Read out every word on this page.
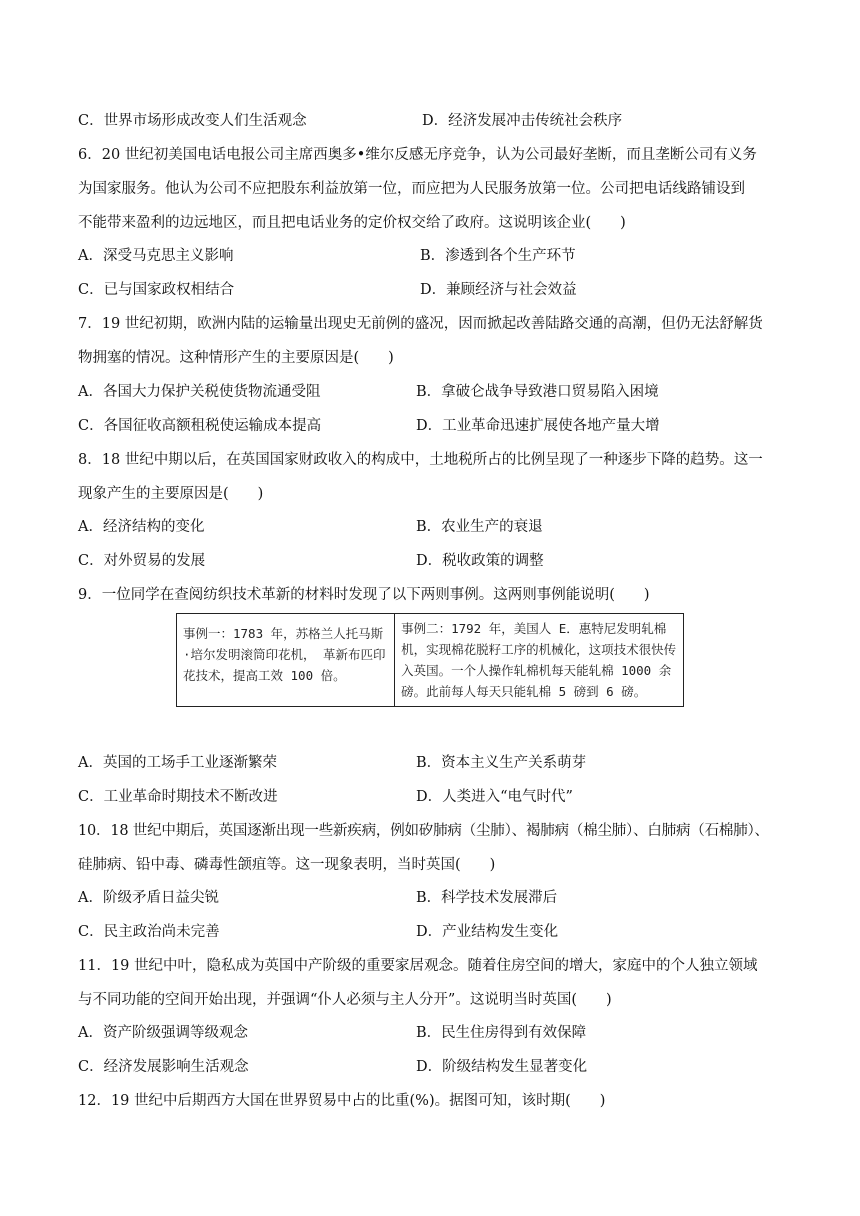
C．世界市场形成改变人们生活观念	D．经济发展冲击传统社会秩序
6．20 世纪初美国电话电报公司主席西奥多•维尔反感无序竞争，认为公司最好垄断，而且垄断公司有义务
为国家服务。他认为公司不应把股东利益放第一位，而应把为人民服务放第一位。公司把电话线路铺设到
不能带来盈利的边远地区，而且把电话业务的定价权交给了政府。这说明该企业(　　)
A．深受马克思主义影响	B．渗透到各个生产环节
C．已与国家政权相结合	D．兼顾经济与社会效益
7．19 世纪初期，欧洲内陆的运输量出现史无前例的盛况，因而掀起改善陆路交通的高潮，但仍无法舒解货
物拥塞的情况。这种情形产生的主要原因是(　　)
A．各国大力保护关税使货物流通受阻	B．拿破仑战争导致港口贸易陷入困境
C．各国征收高额租税使运输成本提高	D．工业革命迅速扩展使各地产量大增
8．18 世纪中期以后，在英国国家财政收入的构成中，土地税所占的比例呈现了一种逐步下降的趋势。这一
现象产生的主要原因是(　　)
A．经济结构的变化	B．农业生产的衰退
C．对外贸易的发展	D．税收政策的调整
9．一位同学在查阅纺织技术革新的材料时发现了以下两则事例。这两则事例能说明(　　)
事例一：1783 年，苏格兰人托马斯·培尔发明滚筒印花机， 革新布匹印花技术，提高工效 100 倍。	事例二：1792 年，美国人 E．惠特尼发明轧棉机，实现棉花脱籽工序的机械化，这项技术很快传入英国。一个人操作轧棉机每天能轧棉 1000 余磅。此前每人每天只能轧棉 5 磅到 6 磅。
A．英国的工场手工业逐渐繁荣	B．资本主义生产关系萌芽
C．工业革命时期技术不断改进	D．人类进入“电气时代”
10．18 世纪中期后，英国逐渐出现一些新疾病，例如矽肺病（尘肺）、褐肺病（棉尘肺）、白肺病（石棉肺）、
硅肺病、铅中毒、磷毒性颌疽等。这一现象表明，当时英国(　　)
A．阶级矛盾日益尖锐	B．科学技术发展滞后
C．民主政治尚未完善	D．产业结构发生变化
11．19 世纪中叶，隐私成为英国中产阶级的重要家居观念。随着住房空间的增大，家庭中的个人独立领域
与不同功能的空间开始出现，并强调“仆人必须与主人分开”。这说明当时英国(　　)
A．资产阶级强调等级观念	B．民生住房得到有效保障
C．经济发展影响生活观念	D．阶级结构发生显著变化
12．19 世纪中后期西方大国在世界贸易中占的比重(%)。据图可知，该时期(　　)
